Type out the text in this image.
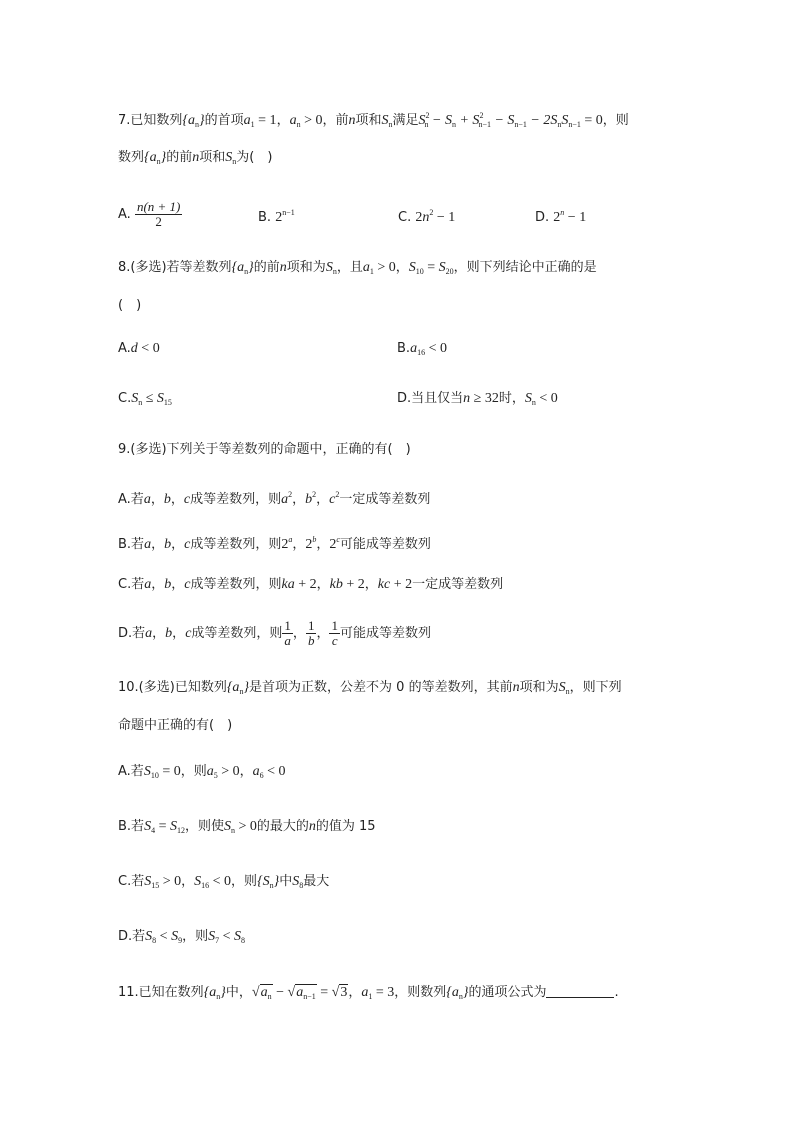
7.已知数列$\{a_n\}$的首项$a_1 = 1$，$a_n > 0$，前n项和$S_n$满足$S^2_n - S_n + S^2_{n-1} - S_{n-1} - 2S_nS_{n-1} = 0$，则
数列$\{a_n\}$的前n项和$S_n$为(　)
A. $\frac{n(n + 1)}{2}$	B. $2^{n-1}$	C. $2n^2 - 1$	D. $2^n - 1$
8.(多选)若等差数列$\{a_n\}$的前n项和为$S_n$，且$a_1 > 0$，$S_{10} = S_{20}$，则下列结论中正确的是
(　)
A.d < 0	$B.a_{16} < 0$
$C.S_n \le S_{15}$	D.当且仅当n ≥ 32时，$S_n < 0$
9.(多选)下列关于等差数列的命题中，正确的有(　)
A.若a，b，c成等差数列，则$a^2$，$b^2$，$c^2$一定成等差数列
B.若a，b，c成等差数列，则2$^a$，2$^b$，2$^c$可能成等差数列
C.若a，b，c成等差数列，则ka + 2，kb + 2，kc + 2一定成等差数列
D.若a，b，c成等差数列，则 $\frac{1}{a}$ ， $\frac{1}{b}$ ， $\frac{1}{c}$ 可能成等差数列
10.(多选)已知数列$\{a_n\}$是首项为正数，公差不为 0 的等差数列，其前n项和为$S_n$，则下列
命题中正确的有(　)
A.若$S_{10} = 0$，则$a_5 > 0$，$a_6 < 0$
B.若$S_4 = S_{12}$，则使$S_n > 0$的最大的n的值为 15
C.若$S_{15} > 0$，$S_{16} < 0$，则$\{S_n\}$中$S_8$最大
D.若$S_8 < S_9$，则$S_7 < S_8$
11.已知在数列$\{a_n\}$中，$√a_n - √a_{n-1} = √3$，$a_1 = 3$，则数列$\{a_n\}$的通项公式为	.
